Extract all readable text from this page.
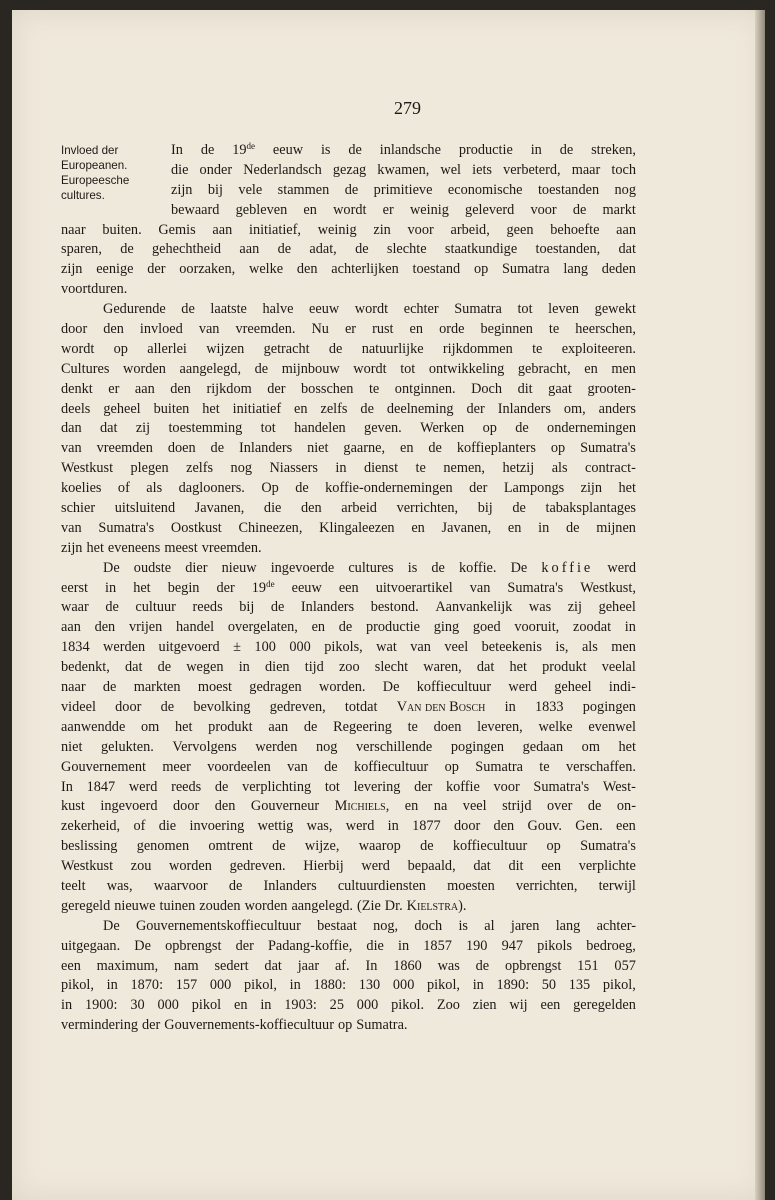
279
Invloed der
Europeanen.
Europeesche
cultures.
In de 19de eeuw is de inlandsche productie in de streken,
die onder Nederlandsch gezag kwamen, wel iets verbeterd, maar toch
zijn bij vele stammen de primitieve economische toestanden nog
bewaard gebleven en wordt er weinig geleverd voor de markt
naar buiten. Gemis aan initiatief, weinig zin voor arbeid, geen behoefte aan
sparen, de gehechtheid aan de adat, de slechte staatkundige toestanden, dat
zijn eenige der oorzaken, welke den achterlijken toestand op Sumatra lang deden
voortduren.
Gedurende de laatste halve eeuw wordt echter Sumatra tot leven gewekt
door den invloed van vreemden. Nu er rust en orde beginnen te heerschen,
wordt op allerlei wijzen getracht de natuurlijke rijkdommen te exploiteeren.
Cultures worden aangelegd, de mijnbouw wordt tot ontwikkeling gebracht, en men
denkt er aan den rijkdom der bosschen te ontginnen. Doch dit gaat grooten-
deels geheel buiten het initiatief en zelfs de deelneming der Inlanders om, anders
dan dat zij toestemming tot handelen geven. Werken op de ondernemingen
van vreemden doen de Inlanders niet gaarne, en de koffieplanters op Sumatra's
Westkust plegen zelfs nog Niassers in dienst te nemen, hetzij als contract-
koelies of als daglooners. Op de koffie-ondernemingen der Lampongs zijn het
schier uitsluitend Javanen, die den arbeid verrichten, bij de tabaksplantages
van Sumatra's Oostkust Chineezen, Klingaleezen en Javanen, en in de mijnen
zijn het eveneens meest vreemden.
De oudste dier nieuw ingevoerde cultures is de koffie. De koffie werd
eerst in het begin der 19de eeuw een uitvoerartikel van Sumatra's Westkust,
waar de cultuur reeds bij de Inlanders bestond. Aanvankelijk was zij geheel
aan den vrijen handel overgelaten, en de productie ging goed vooruit, zoodat in
1834 werden uitgevoerd ± 100 000 pikols, wat van veel beteekenis is, als men
bedenkt, dat de wegen in dien tijd zoo slecht waren, dat het produkt veelal
naar de markten moest gedragen worden. De koffiecultuur werd geheel indi-
videel door de bevolking gedreven, totdat Van den Bosch in 1833 pogingen
aanwendde om het produkt aan de Regeering te doen leveren, welke evenwel
niet gelukten. Vervolgens werden nog verschillende pogingen gedaan om het
Gouvernement meer voordeelen van de koffiecultuur op Sumatra te verschaffen.
In 1847 werd reeds de verplichting tot levering der koffie voor Sumatra's West-
kust ingevoerd door den Gouverneur Michiels, en na veel strijd over de on-
zekerheid, of die invoering wettig was, werd in 1877 door den Gouv. Gen. een
beslissing genomen omtrent de wijze, waarop de koffiecultuur op Sumatra's
Westkust zou worden gedreven. Hierbij werd bepaald, dat dit een verplichte
teelt was, waarvoor de Inlanders cultuurdiensten moesten verrichten, terwijl
geregeld nieuwe tuinen zouden worden aangelegd. (Zie Dr. Kielstra).
De Gouvernementskoffiecultuur bestaat nog, doch is al jaren lang achter-
uitgegaan. De opbrengst der Padang-koffie, die in 1857 190 947 pikols bedroeg,
een maximum, nam sedert dat jaar af. In 1860 was de opbrengst 151 057
pikol, in 1870: 157 000 pikol, in 1880: 130 000 pikol, in 1890: 50 135 pikol,
in 1900: 30 000 pikol en in 1903: 25 000 pikol. Zoo zien wij een geregelden
vermindering der Gouvernements-koffiecultuur op Sumatra.
